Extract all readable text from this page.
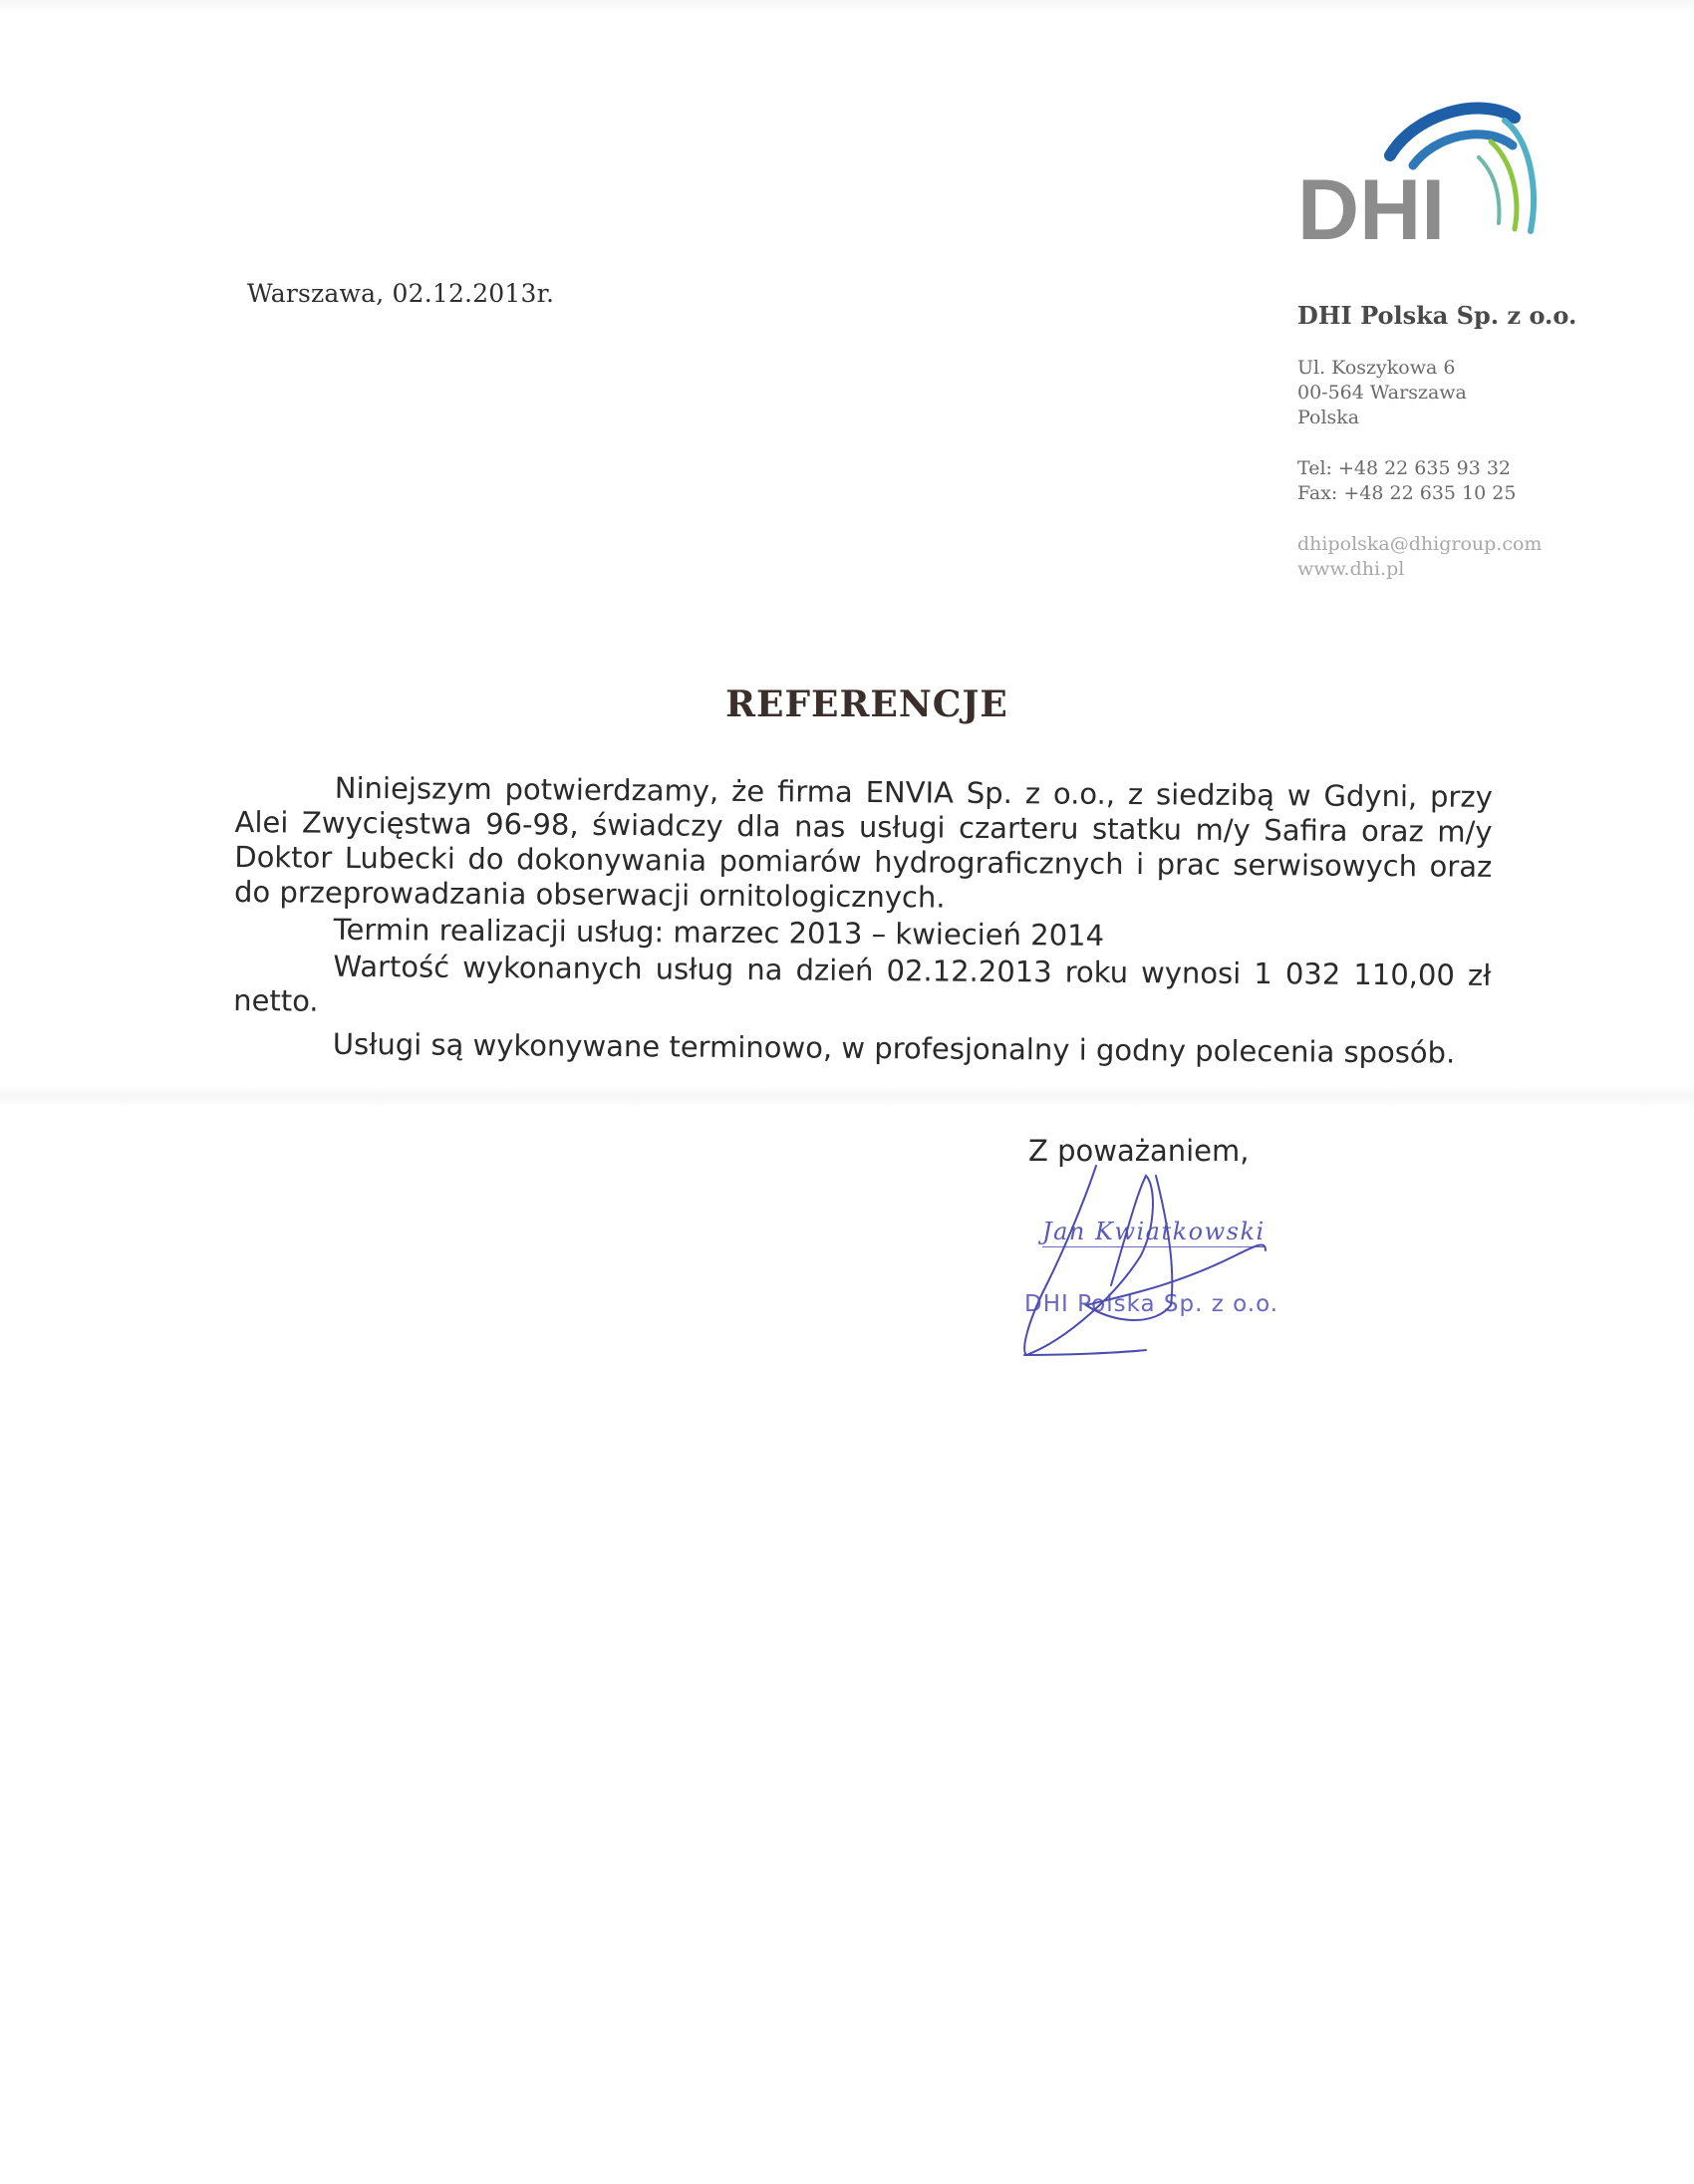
DHI
Warszawa, 02.12.2013r.
DHI Polska Sp. z o.o.
Ul. Koszykowa 6
00-564 Warszawa
Polska
Tel: +48 22 635 93 32
Fax: +48 22 635 10 25
dhipolska@dhigroup.com
www.dhi.pl
REFERENCJE

Niniejszym potwierdzamy, że firma ENVIA Sp. z o.o., z siedzibą w Gdyni, przy Alei Zwycięstwa 96-98, świadczy dla nas usługi czarteru statku m/y Safira oraz m/y Doktor Lubecki do dokonywania pomiarów hydrograficznych i prac serwisowych oraz do przeprowadzania obserwacji ornitologicznych.

Termin realizacji usług: marzec 2013 – kwiecień 2014

Wartość wykonanych usług na dzień 02.12.2013 roku wynosi 1 032 110,00 zł netto.

Usługi są wykonywane terminowo, w profesjonalny i godny polecenia sposób.

Z poważaniem,
Jan Kwiatkowski
DHI Polska Sp. z o.o.
